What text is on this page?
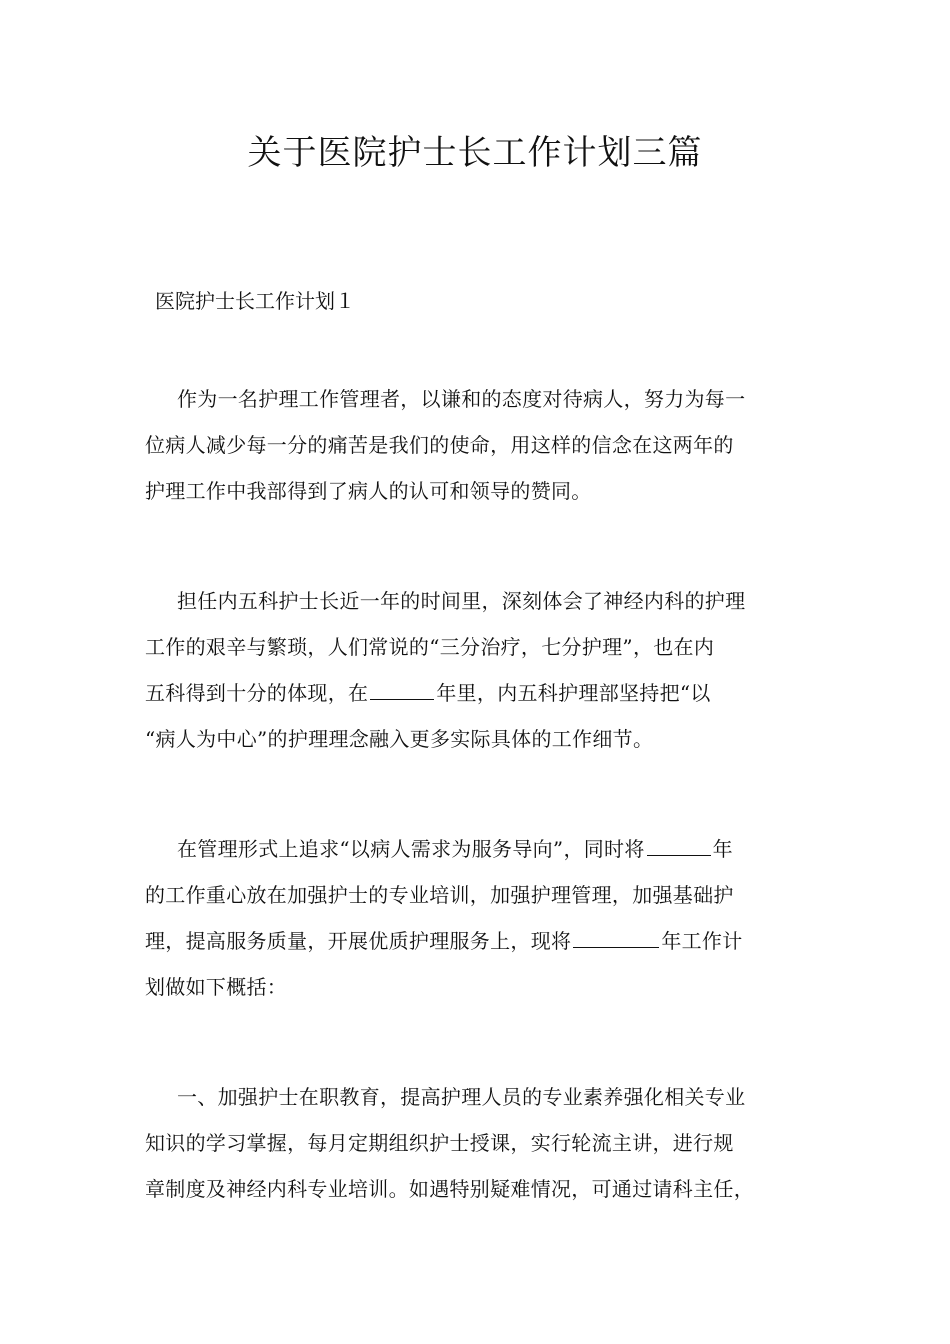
关于医院护士长工作计划三篇

医院护士长工作计划１

作为一名护理工作管理者，以谦和的态度对待病人，努力为每一
位病人减少每一分的痛苦是我们的使命，用这样的信念在这两年的
护理工作中我部得到了病人的认可和领导的赞同。

担任内五科护士长近一年的时间里，深刻体会了神经内科的护理
工作的艰辛与繁琐，人们常说的“三分治疗，七分护理”，也在内
五科得到十分的体现，在	年里，内五科护理部坚持把“以
“病人为中心”的护理理念融入更多实际具体的工作细节。

在管理形式上追求“以病人需求为服务导向”，同时将	年
的工作重心放在加强护士的专业培训，加强护理管理，加强基础护
理，提高服务质量，开展优质护理服务上，现将	年工作计
划做如下概括：

一、加强护士在职教育，提高护理人员的专业素养强化相关专业
知识的学习掌握，每月定期组织护士授课，实行轮流主讲，进行规
章制度及神经内科专业培训。如遇特别疑难情况，可通过请科主任，
